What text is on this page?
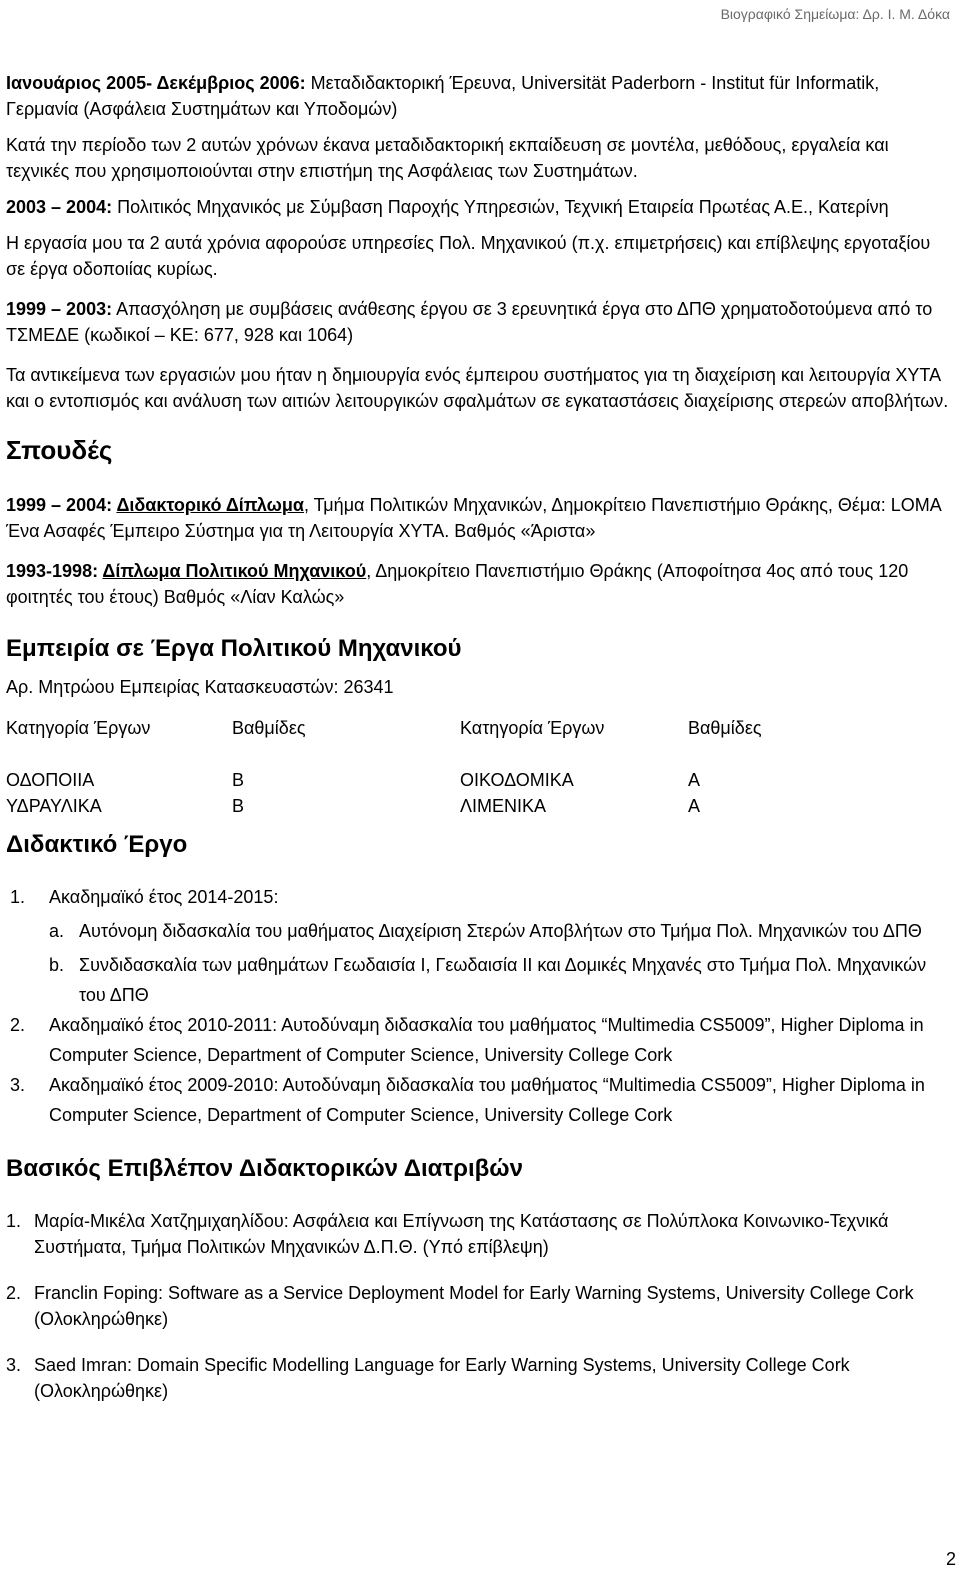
Βιογραφικό Σημείωμα: Δρ. Ι. Μ. Δόκα

Ιανουάριος 2005- Δεκέμβριος 2006: Μεταδιδακτορική Έρευνα, Universität Paderborn - Institut für Informatik, Γερμανία (Ασφάλεια Συστημάτων και Υποδομών)

Κατά την περίοδο των 2 αυτών χρόνων έκανα μεταδιδακτορική εκπαίδευση σε μοντέλα, μεθόδους, εργαλεία και τεχνικές που χρησιμοποιούνται στην επιστήμη της Ασφάλειας των Συστημάτων.

2003 – 2004: Πολιτικός Μηχανικός με Σύμβαση Παροχής Υπηρεσιών, Τεχνική Εταιρεία Πρωτέας Α.Ε., Κατερίνη

Η εργασία μου τα 2 αυτά χρόνια αφορούσε υπηρεσίες Πολ. Μηχανικού (π.χ. επιμετρήσεις) και επίβλεψης εργοταξίου σε έργα οδοποιίας κυρίως.

1999 – 2003: Απασχόληση με συμβάσεις ανάθεσης έργου σε 3 ερευνητικά έργα στο ΔΠΘ χρηματοδοτούμενα από το ΤΣΜΕΔΕ (κωδικοί – ΚΕ: 677, 928 και 1064)

Τα αντικείμενα των εργασιών μου ήταν η δημιουργία ενός έμπειρου συστήματος για τη διαχείριση και λειτουργία ΧΥΤΑ και ο εντοπισμός και ανάλυση των αιτιών λειτουργικών σφαλμάτων σε εγκαταστάσεις διαχείρισης στερεών αποβλήτων.

Σπουδές

1999 – 2004: Διδακτορικό Δίπλωμα, Τμήμα Πολιτικών Μηχανικών, Δημοκρίτειο Πανεπιστήμιο Θράκης, Θέμα: LOMA Ένα Ασαφές Έμπειρο Σύστημα για τη Λειτουργία ΧΥΤΑ. Βαθμός «Άριστα»

1993-1998: Δίπλωμα Πολιτικού Μηχανικού, Δημοκρίτειο Πανεπιστήμιο Θράκης (Αποφοίτησα 4ος από τους 120 φοιτητές του έτους) Βαθμός «Λίαν Καλώς»

Εμπειρία σε Έργα Πολιτικού Μηχανικού

Αρ. Μητρώου Εμπειρίας Κατασκευαστών: 26341

Κατηγορία Έργων	Βαθμίδες	Κατηγορία Έργων	Βαθμίδες

ΟΔΟΠΟΙΙΑ	Β	ΟΙΚΟΔΟΜΙΚΑ	Α
ΥΔΡΑΥΛΙΚΑ	Β	ΛΙΜΕΝΙΚΑ	Α
Διδακτικό Έργο
1. Ακαδημαϊκό έτος 2014-2015:
a. Αυτόνομη διδασκαλία του μαθήματος Διαχείριση Στερών Αποβλήτων στο Τμήμα Πολ. Μηχανικών του ΔΠΘ
b. Συνδιδασκαλία των μαθημάτων Γεωδαισία Ι, Γεωδαισία ΙΙ και Δομικές Μηχανές στο Τμήμα Πολ. Μηχανικών του ΔΠΘ
2. Ακαδημαϊκό έτος 2010-2011: Αυτοδύναμη διδασκαλία του μαθήματος “Multimedia CS5009”, Higher Diploma in Computer Science, Department of Computer Science, University College Cork
3. Ακαδημαϊκό έτος 2009-2010: Αυτοδύναμη διδασκαλία του μαθήματος “Multimedia CS5009”, Higher Diploma in Computer Science, Department of Computer Science, University College Cork
Βασικός Επιβλέπον Διδακτορικών Διατριβών
1. Μαρία-Μικέλα Χατζημιχαηλίδου: Ασφάλεια και Επίγνωση της Κατάστασης σε Πολύπλοκα Κοινωνικο-Τεχνικά Συστήματα, Τμήμα Πολιτικών Μηχανικών Δ.Π.Θ. (Υπό επίβλεψη)
2. Franclin Foping: Software as a Service Deployment Model for Early Warning Systems, University College Cork (Ολοκληρώθηκε)
3. Saed Imran: Domain Specific Modelling Language for Early Warning Systems, University College Cork (Ολοκληρώθηκε)
2
